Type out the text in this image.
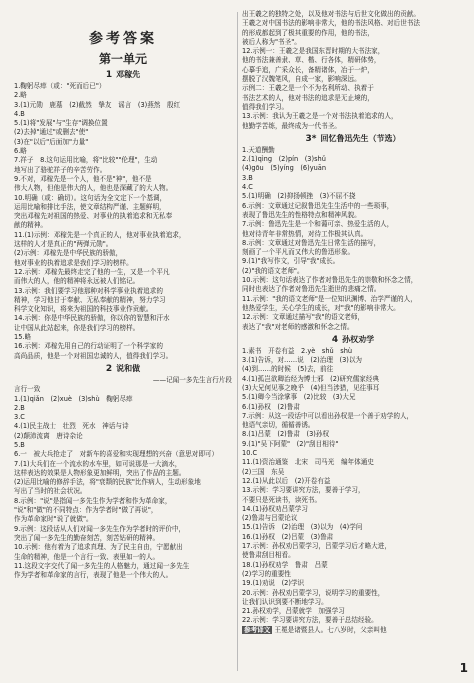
参考答案
第一单元
1 邓稼先
1.鞠躬尽瘁（或："死而后已"）
2.略
3.(1)元勋　鹿墓　(2)截然　挚友　谣言　(3)燕然　殷红
4.B
5.(1)将"发展"与"生存"调换位置
(2)去掉"通过"或删去"使"
(3)在"以后"后面加"力量"
6.略
7.祥子　8.这句运用比喻，将"比较""伦理"，生动
地写出了骆驼祥子的辛苦劳作。
9.不对，邓稼先是一个人，他不是"神"，他不是
伟大人物，但他是伟大的人，他也是深藏了的大人物。
10.明确（或：确切）。这句话为全文定下一个基调，
运用比喻和排比手法，使文章结构严谨、主题鲜明，
突出邓稼先对祖国的热爱、对事业的执着追求和无私奉
献的精神。
11.(1)示例：邓稼先是一个真正的人，他对事业执着追求，
这样的人才是真正的"两弹元勋"。
(2)示例：邓稼先是中华民族的骄傲，
他对事业的执着追求是我们学习的榜样。
12.示例：邓稼先最终走完了他的一生，又是一个平凡
而伟大的人，他的精神将永远被人们铭记。
13.示例：我们要学习他那种对科学事业执着追求的
精神，学习他甘于奉献、无私奉献的精神，努力学习
科学文化知识，将来为祖国的科技事业作贡献。
14.示例：你是中华民族的骄傲，你以你的智慧和汗水
让中国从此站起来，你是我们学习的榜样。
15.略
16.示例：邓稼先用自己的行动证明了一个科学家的
高尚品质，他是一个对祖国忠诚的人，值得我们学习。
2 说和做
——记闻一多先生言行片段
言行一致
1.(1)qiǎn　(2)xuè　(3)shù　鞠躬尽瘁
2.B
3.C
4.(1)民主战士　壮烈　死水　神话与诗
(2)颠沛流离　唐诗杂论
5.B
6.一　被大兵抢走了　对新车的喜爱和实现理想的兴奋（意思对即可）
7.(1)大兵们在一个流水的水车里，如可说那是一大滴水，
这样表达的效果是人物形象更加鲜明，突出了作品的主题。
(2)运用比喻的修辞手法，将"衰颓的民族"比作病人，生动形象地
写出了当时的社会状况。
8.示例："说"是指闻一多先生作为学者和作为革命家，
"说"和"做"的不同特点：作为学者时"做了再说"，
作为革命家时"说了就做"。
9.示例：这段话从人们对闻一多先生作为学者时的评价中，
突出了闻一多先生的勤奋刻苦，刻苦钻研的精神。
10.示例：他有着为了追求真理、为了民主自由，宁愿献出
生命的精神，他是一个言行一致、表里如一的人。
11.这段文字交代了闻一多先生的人格魅力，通过闻一多先生
作为学者和革命家的言行，表现了他是一个伟大的人。
出王羲之的独特之处，以及他对书法与后世文化做出的贡献。
王羲之对中国书法的影响非常大，他的书法风格、对后世书法
的形成都起到了极其重要的作用，他的书法，
被后人称为"书圣"。
12.示例一：王羲之是我国东晋时期的大书法家，
他的书法兼善隶、草、楷、行各体，精研体势，
心摹手追，广采众长，备精诸体，冶于一炉，
摆脱了汉魏笔风，自成一家，影响深远。
示例二：王羲之是一个不为名利所动、执着于
书法艺术的人，他对书法的追求是无止境的，
值得我们学习。
13.示例：我认为王羲之是一个对书法执着追求的人，
他勤学苦练，最终成为一代书圣。
3* 回忆鲁迅先生（节选）
1.天道酬勤
2.(1)qìng　(2)pín　(3)shǔ
(4)gōu　(5)yíng　(6)yuān
3.B
4.C
5.(1)明确　(2)抑扬顿挫　(3)不屈不挠
6.示例：文章通过记叙鲁迅先生生活中的一些琐事，
表现了鲁迅先生的性格特点和精神风貌。
7.示例：鲁迅先生是一个和蔼可亲、热爱生活的人，
他对待青年非常热情，对待工作极其认真。
8.示例：文章通过对鲁迅先生日常生活的描写，
刻画了一个平凡而又伟大的鲁迅形象。
9.(1)"我写作文，引导"我"成长。
(2)"我的语文老师"。
10.示例：这句话表达了作者对鲁迅先生的崇敬和怀念之情，
同时也表达了作者对鲁迅先生逝世的悲痛之情。
11.示例："我的语文老师"是一位知识渊博、治学严谨的人，
他热爱学生，关心学生的成长，对"我"的影响非常大。
12.示例：文章通过描写"我"的语文老师，
表达了"我"对老师的感激和怀念之情。
4 孙权劝学
1.素书　开卷有益　2.yè　shǔ　shù
3.(1)告诉，对……说　(2)治理　(3)以为
(4)到……的时候　(5)去，前往
4.(1)孤岂欲卿治经为博士邪　(2)研究儒家经典
(3)大兄何见事之晚乎　(4)但当涉猎，见往事耳
5.(1)卿今当涂掌事　(2)比较　(3)大兄
6.(1)孙权　(2)鲁肃
7.示例：从这一段话中可以看出孙权是一个善于劝学的人，
他语气亲切，循循善诱。
8.(1)吕蒙　(2)鲁肃　(3)孙权
9.(1)"吴下阿蒙"　(2)"刮目相待"
10.C
11.(1)资治通鉴　北宋　司马光　编年体通史
(2)三国　东吴
12.(1)从此以后　(2)开卷有益
13.示例：学习要讲究方法，要善于学习，
不要只是死读书，读死书。
14.(1)孙权劝吕蒙学习
(2)鲁肃与吕蒙论议
15.(1)告诉　(2)治理　(3)以为　(4)学问
16.(1)孙权　(2)吕蒙　(3)鲁肃
17.示例：孙权劝吕蒙学习，吕蒙学习后才略大进，
使鲁肃刮目相看。
18.(1)孙权劝学　鲁肃　吕蒙
(2)学习的重要性
19.(1)劝说　(2)学识
20.示例：孙权劝吕蒙学习，说明学习的重要性，
让我们认识到要不断地学习。
21.孙权劝学，吕蒙就学　加强学习
22.示例：学习要讲究方法，要善于总结经验。
参考译文 王冕是诸暨县人。七八岁时，父亲叫他
1
